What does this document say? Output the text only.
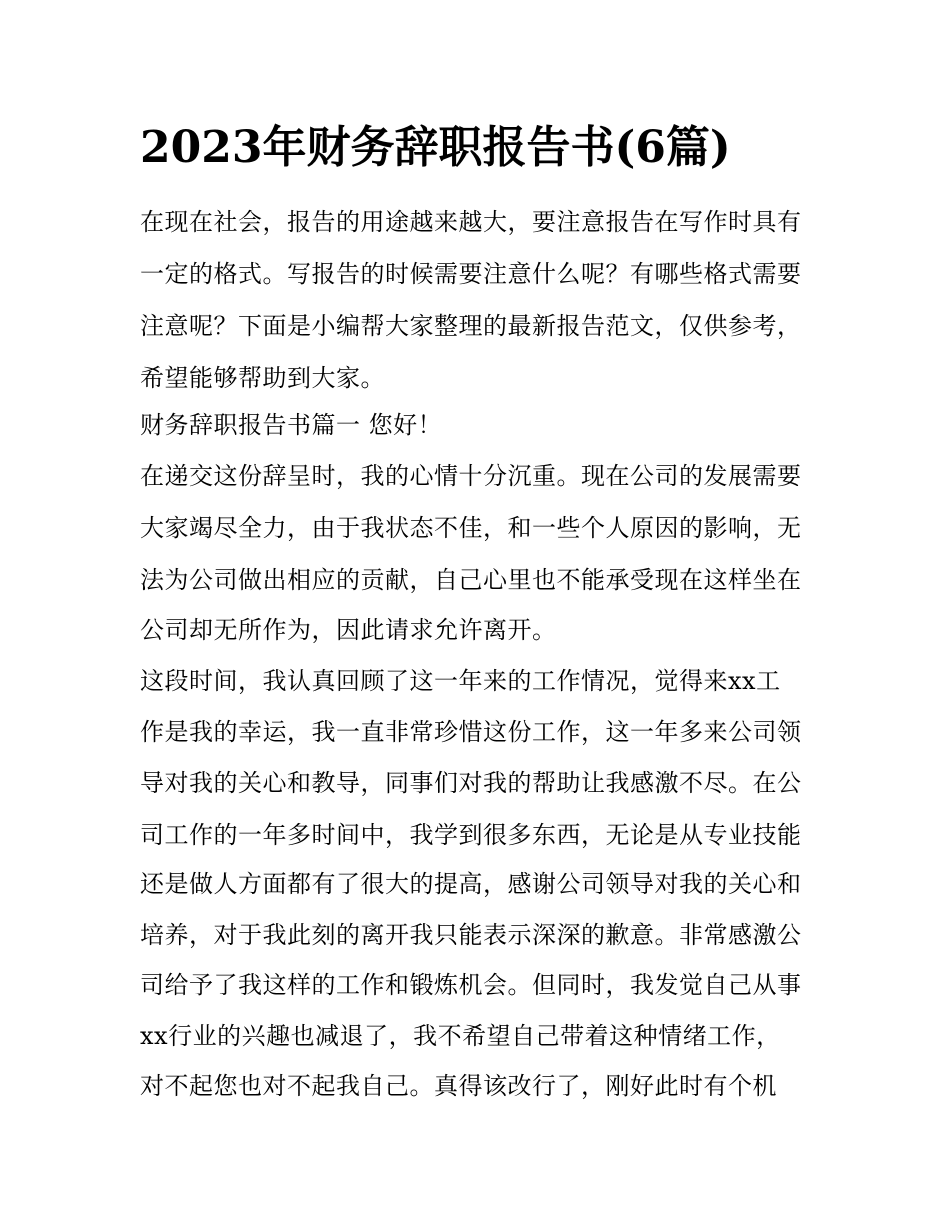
2023年财务辞职报告书(6篇)

在现在社会，报告的用途越来越大，要注意报告在写作时具有

一定的格式。写报告的时候需要注意什么呢？有哪些格式需要

注意呢？下面是小编帮大家整理的最新报告范文，仅供参考，

希望能够帮助到大家。

财务辞职报告书篇一 您好！

在递交这份辞呈时，我的心情十分沉重。现在公司的发展需要

大家竭尽全力，由于我状态不佳，和一些个人原因的影响，无

法为公司做出相应的贡献，自己心里也不能承受现在这样坐在

公司却无所作为，因此请求允许离开。

这段时间，我认真回顾了这一年来的工作情况，觉得来xx工

作是我的幸运，我一直非常珍惜这份工作，这一年多来公司领

导对我的关心和教导，同事们对我的帮助让我感激不尽。在公

司工作的一年多时间中，我学到很多东西，无论是从专业技能

还是做人方面都有了很大的提高，感谢公司领导对我的关心和

培养，对于我此刻的离开我只能表示深深的歉意。非常感激公

司给予了我这样的工作和锻炼机会。但同时，我发觉自己从事

xx行业的兴趣也减退了，我不希望自己带着这种情绪工作，

对不起您也对不起我自己。真得该改行了，刚好此时有个机
